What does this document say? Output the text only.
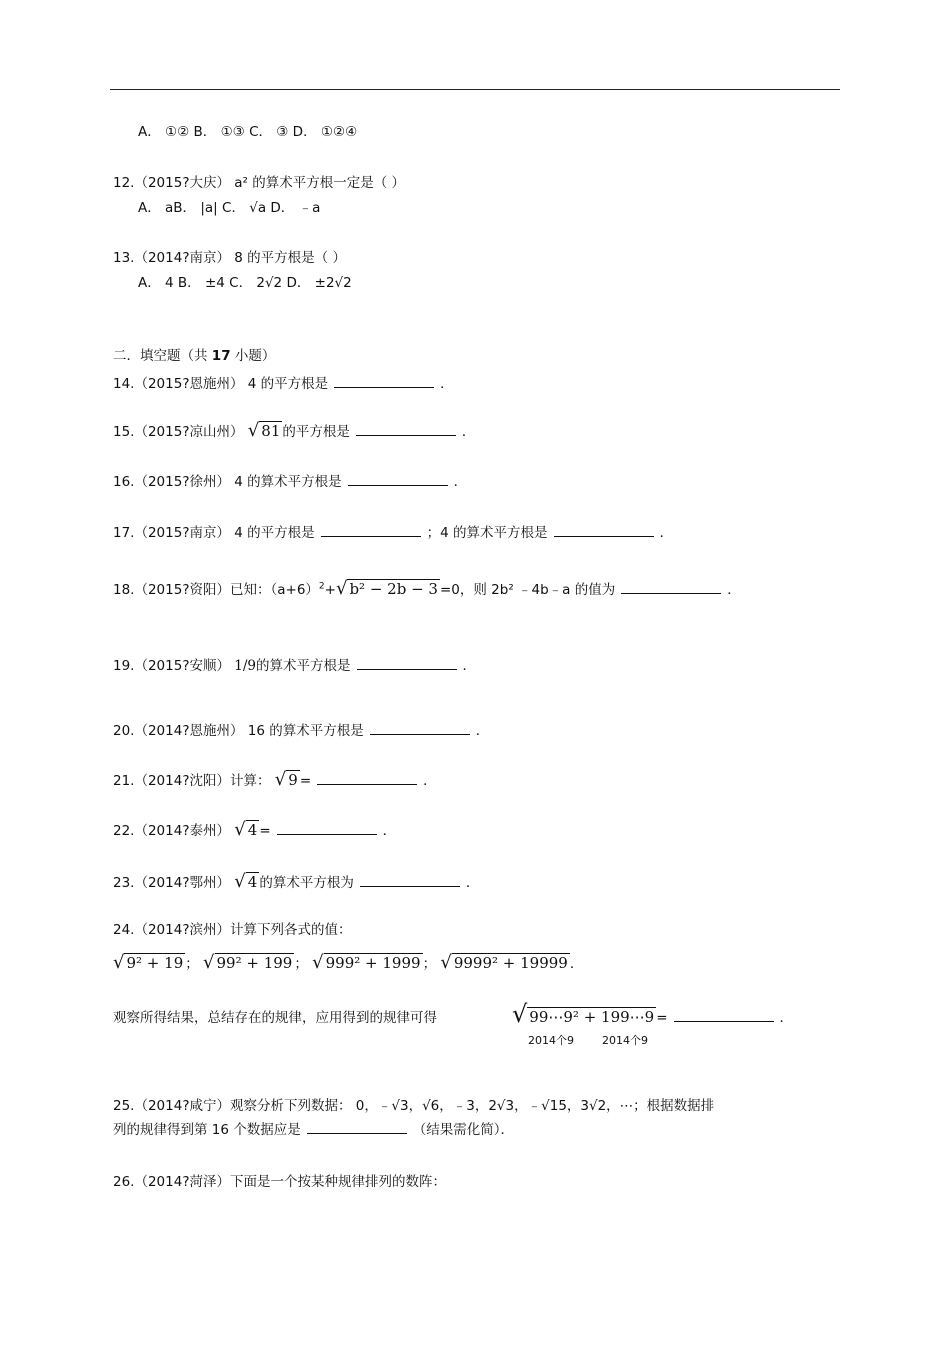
A． ①② B． ①③ C． ③ D． ①②④
12.（2015?大庆） a² 的算术平方根一定是（ ）
A． aB． |a| C． √a D． ﹣a
13.（2014?南京） 8 的平方根是（ ）
A． 4 B． ±4 C． 2√2 D． ±2√2
二．填空题（共 17 小题）
14.（2015?恩施州） 4 的平方根是	．
15.（2015?凉山州） √ 81 的平方根是	．
16.（2015?徐州） 4 的算术平方根是	．
17.（2015?南京） 4 的平方根是	；4 的算术平方根是	．
18.（2015?资阳）已知：$(a+6)^2+√$ b² − 2b − 3 =0，则 2b² ﹣4b﹣a 的值为	．
19.（2015?安顺） 1/9的算术平方根是	．
20.（2014?恩施州） 16 的算术平方根是	．
21.（2014?沈阳）计算： √ 9 =	．
22.（2014?泰州） √ 4 =	．
23.（2014?鄂州） √ 4 的算术平方根为	．
24.（2014?滨州）计算下列各式的值：
√ 9² + 19 ； √ 99² + 199 ； √ 999² + 1999 ； √ 9999² + 19999 ．
观察所得结果，总结存在的规律，应用得到的规律可得	√ 99⋯9² + 199⋯9 =	．
2014个9	2014个9
25.（2014?咸宁）观察分析下列数据： 0，﹣√3，√6，﹣3，2√3，﹣√15，3√2，⋯；根据数据排
列的规律得到第 16 个数据应是	（结果需化简）．
26.（2014?菏泽）下面是一个按某种规律排列的数阵：
